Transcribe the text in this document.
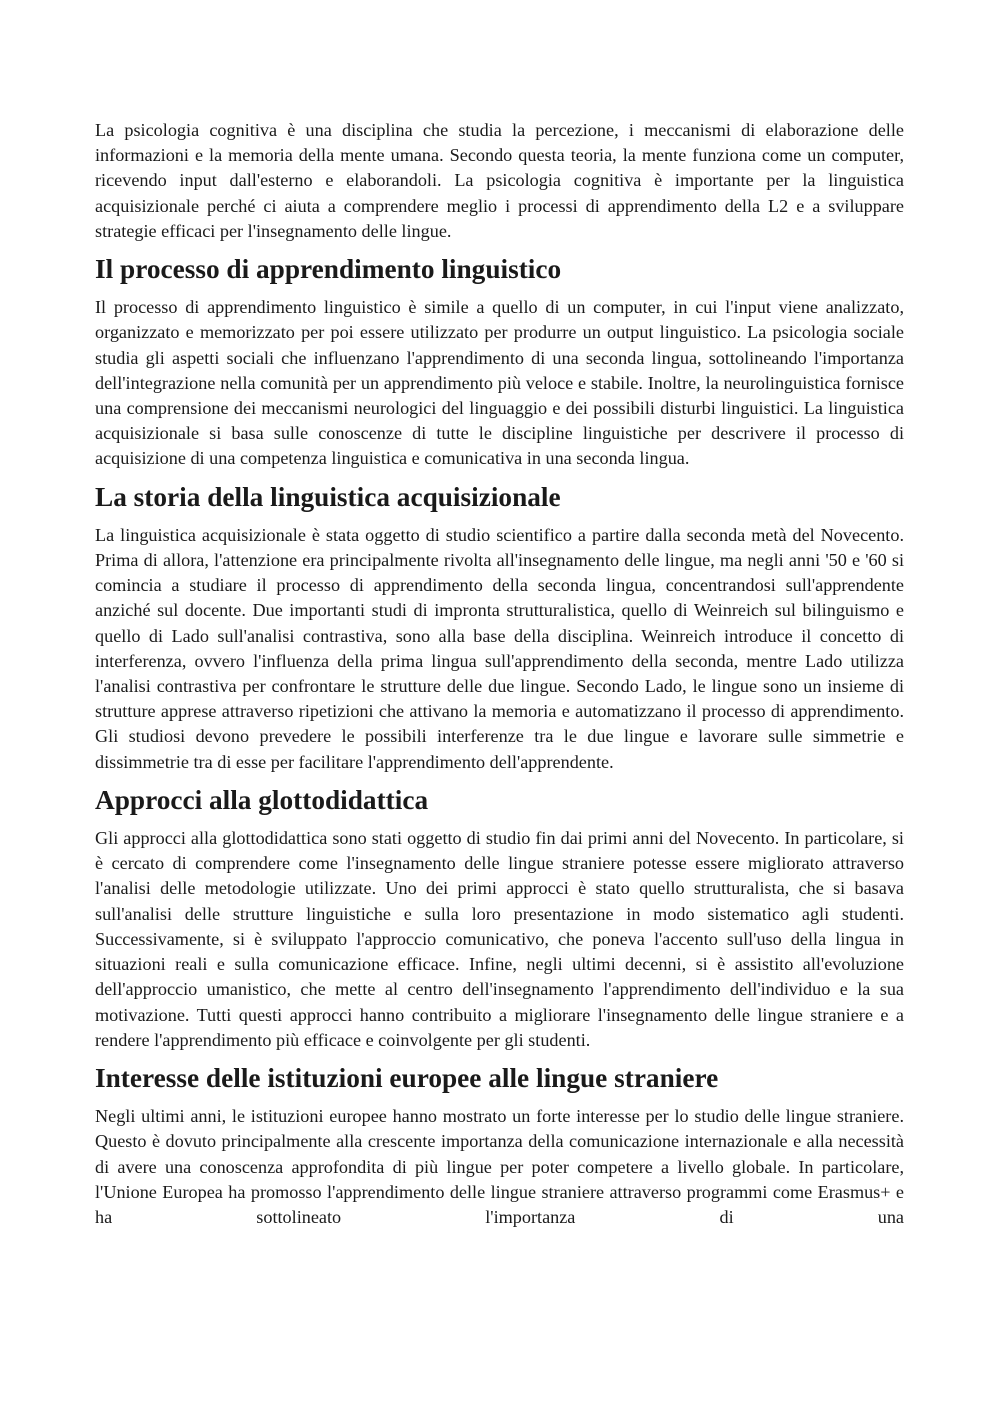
La psicologia cognitiva è una disciplina che studia la percezione, i meccanismi di elaborazione delle informazioni e la memoria della mente umana. Secondo questa teoria, la mente funziona come un computer, ricevendo input dall'esterno e elaborandoli. La psicologia cognitiva è importante per la linguistica acquisizionale perché ci aiuta a comprendere meglio i processi di apprendimento della L2 e a sviluppare strategie efficaci per l'insegnamento delle lingue.

Il processo di apprendimento linguistico

Il processo di apprendimento linguistico è simile a quello di un computer, in cui l'input viene analizzato, organizzato e memorizzato per poi essere utilizzato per produrre un output linguistico. La psicologia sociale studia gli aspetti sociali che influenzano l'apprendimento di una seconda lingua, sottolineando l'importanza dell'integrazione nella comunità per un apprendimento più veloce e stabile. Inoltre, la neurolinguistica fornisce una comprensione dei meccanismi neurologici del linguaggio e dei possibili disturbi linguistici. La linguistica acquisizionale si basa sulle conoscenze di tutte le discipline linguistiche per descrivere il processo di acquisizione di una competenza linguistica e comunicativa in una seconda lingua.

La storia della linguistica acquisizionale

La linguistica acquisizionale è stata oggetto di studio scientifico a partire dalla seconda metà del Novecento. Prima di allora, l'attenzione era principalmente rivolta all'insegnamento delle lingue, ma negli anni '50 e '60 si comincia a studiare il processo di apprendimento della seconda lingua, concentrandosi sull'apprendente anziché sul docente. Due importanti studi di impronta strutturalistica, quello di Weinreich sul bilinguismo e quello di Lado sull'analisi contrastiva, sono alla base della disciplina. Weinreich introduce il concetto di interferenza, ovvero l'influenza della prima lingua sull'apprendimento della seconda, mentre Lado utilizza l'analisi contrastiva per confrontare le strutture delle due lingue. Secondo Lado, le lingue sono un insieme di strutture apprese attraverso ripetizioni che attivano la memoria e automatizzano il processo di apprendimento. Gli studiosi devono prevedere le possibili interferenze tra le due lingue e lavorare sulle simmetrie e dissimmetrie tra di esse per facilitare l'apprendimento dell'apprendente.

Approcci alla glottodidattica

Gli approcci alla glottodidattica sono stati oggetto di studio fin dai primi anni del Novecento. In particolare, si è cercato di comprendere come l'insegnamento delle lingue straniere potesse essere migliorato attraverso l'analisi delle metodologie utilizzate. Uno dei primi approcci è stato quello strutturalista, che si basava sull'analisi delle strutture linguistiche e sulla loro presentazione in modo sistematico agli studenti. Successivamente, si è sviluppato l'approccio comunicativo, che poneva l'accento sull'uso della lingua in situazioni reali e sulla comunicazione efficace. Infine, negli ultimi decenni, si è assistito all'evoluzione dell'approccio umanistico, che mette al centro dell'insegnamento l'apprendimento dell'individuo e la sua motivazione. Tutti questi approcci hanno contribuito a migliorare l'insegnamento delle lingue straniere e a rendere l'apprendimento più efficace e coinvolgente per gli studenti.

Interesse delle istituzioni europee alle lingue straniere

Negli ultimi anni, le istituzioni europee hanno mostrato un forte interesse per lo studio delle lingue straniere. Questo è dovuto principalmente alla crescente importanza della comunicazione internazionale e alla necessità di avere una conoscenza approfondita di più lingue per poter competere a livello globale. In particolare, l'Unione Europea ha promosso l'apprendimento delle lingue straniere attraverso programmi come Erasmus+ e ha sottolineato l'importanza di una
